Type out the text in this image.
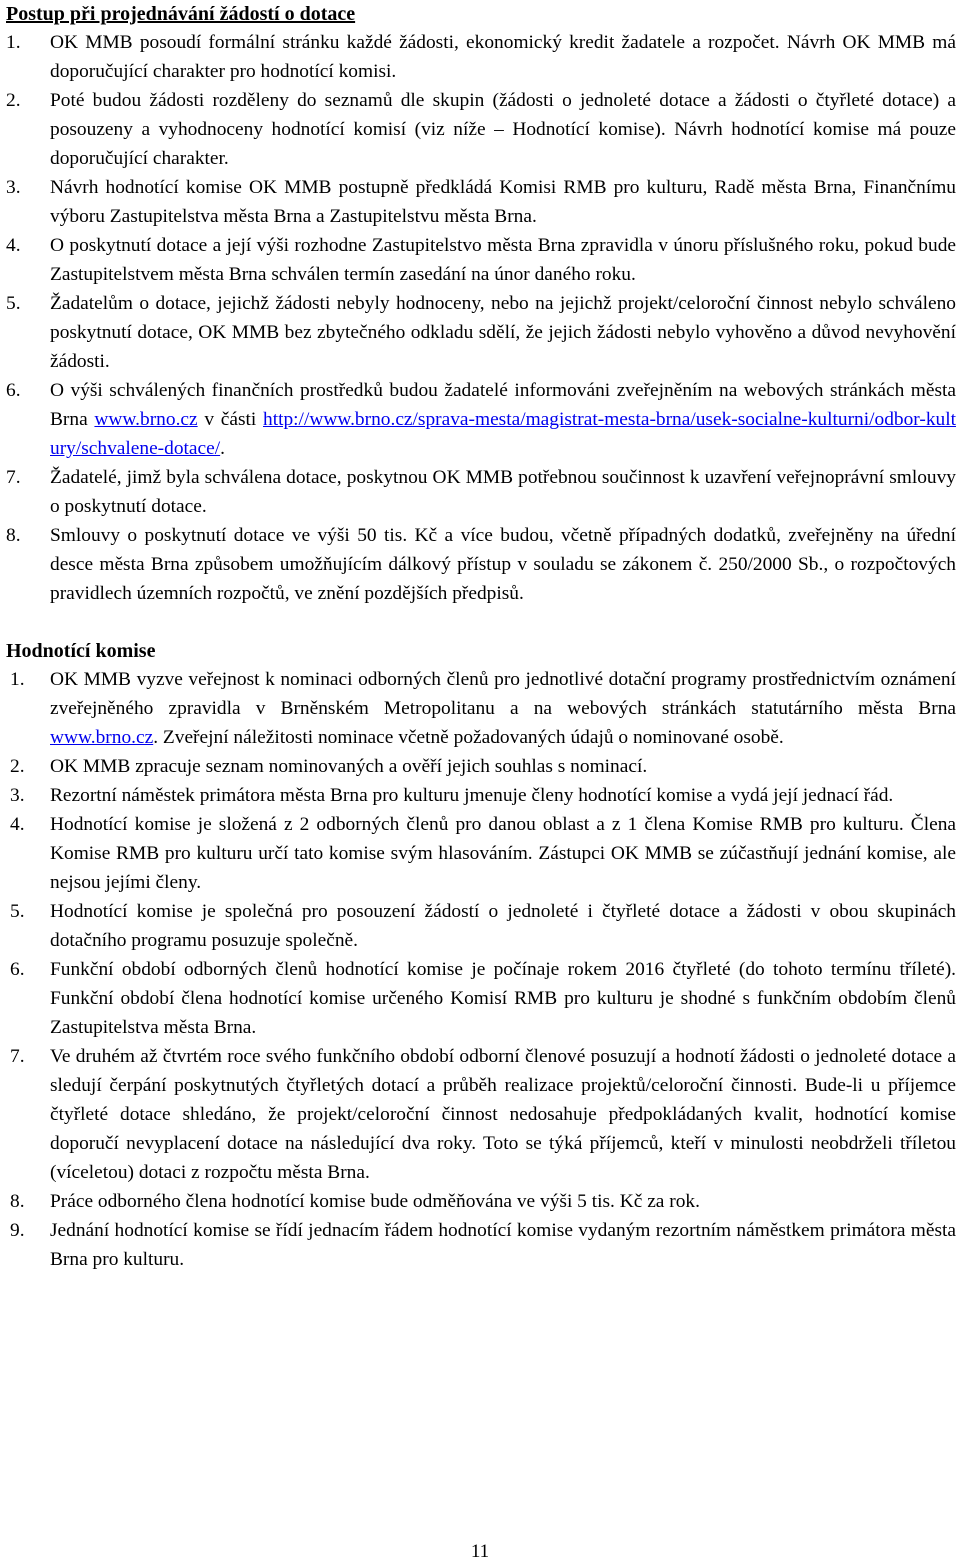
Postup při projednávání žádostí o dotace
1. OK MMB posoudí formální stránku každé žádosti, ekonomický kredit žadatele a rozpočet. Návrh OK MMB má doporučující charakter pro hodnotící komisi.
2. Poté budou žádosti rozděleny do seznamů dle skupin (žádosti o jednoleté dotace a žádosti o čtyřleté dotace) a posouzeny a vyhodnoceny hodnotící komisí (viz níže – Hodnotící komise). Návrh hodnotící komise má pouze doporučující charakter.
3. Návrh hodnotící komise OK MMB postupně předkládá Komisi RMB pro kulturu, Radě města Brna, Finančnímu výboru Zastupitelstva města Brna a Zastupitelstvu města Brna.
4. O poskytnutí dotace a její výši rozhodne Zastupitelstvo města Brna zpravidla v únoru příslušného roku, pokud bude Zastupitelstvem města Brna schválen termín zasedání na únor daného roku.
5. Žadatelům o dotace, jejichž žádosti nebyly hodnoceny, nebo na jejichž projekt/celoroční činnost nebylo schváleno poskytnutí dotace, OK MMB bez zbytečného odkladu sdělí, že jejich žádosti nebylo vyhověno a důvod nevyhovění žádosti.
6. O výši schválených finančních prostředků budou žadatelé informováni zveřejněním na webových stránkách města Brna www.brno.cz v části http://www.brno.cz/sprava-mesta/magistrat-mesta-brna/usek-socialne-kulturni/odbor-kultury/schvalene-dotace/.
7. Žadatelé, jimž byla schválena dotace, poskytnou OK MMB potřebnou součinnost k uzavření veřejnoprávní smlouvy o poskytnutí dotace.
8. Smlouvy o poskytnutí dotace ve výši 50 tis. Kč a více budou, včetně případných dodatků, zveřejněny na úřední desce města Brna způsobem umožňujícím dálkový přístup v souladu se zákonem č. 250/2000 Sb., o rozpočtových pravidlech územních rozpočtů, ve znění pozdějších předpisů.
Hodnotící komise
1. OK MMB vyzve veřejnost k nominaci odborných členů pro jednotlivé dotační programy prostřednictvím oznámení zveřejněného zpravidla v Brněnském Metropolitanu a na webových stránkách statutárního města Brna www.brno.cz. Zveřejní náležitosti nominace včetně požadovaných údajů o nominované osobě.
2. OK MMB zpracuje seznam nominovaných a ověří jejich souhlas s nominací.
3. Rezortní náměstek primátora města Brna pro kulturu jmenuje členy hodnotící komise a vydá její jednací řád.
4. Hodnotící komise je složená z 2 odborných členů pro danou oblast a z 1 člena Komise RMB pro kulturu. Člena Komise RMB pro kulturu určí tato komise svým hlasováním. Zástupci OK MMB se zúčastňují jednání komise, ale nejsou jejími členy.
5. Hodnotící komise je společná pro posouzení žádostí o jednoleté i čtyřleté dotace a žádosti v obou skupinách dotačního programu posuzuje společně.
6. Funkční období odborných členů hodnotící komise je počínaje rokem 2016 čtyřleté (do tohoto termínu tříleté). Funkční období člena hodnotící komise určeného Komisí RMB pro kulturu je shodné s funkčním obdobím členů Zastupitelstva města Brna.
7. Ve druhém až čtvrtém roce svého funkčního období odborní členové posuzují a hodnotí žádosti o jednoleté dotace a sledují čerpání poskytnutých čtyřletých dotací a průběh realizace projektů/celoroční činnosti. Bude-li u příjemce čtyřleté dotace shledáno, že projekt/celoroční činnost nedosahuje předpokládaných kvalit, hodnotící komise doporučí nevyplacení dotace na následující dva roky. Toto se týká příjemců, kteří v minulosti neobdrželi tříletou (víceletou) dotaci z rozpočtu města Brna.
8. Práce odborného člena hodnotící komise bude odměňována ve výši 5 tis. Kč za rok.
9. Jednání hodnotící komise se řídí jednacím řádem hodnotící komise vydaným rezortním náměstkem primátora města Brna pro kulturu.
11
